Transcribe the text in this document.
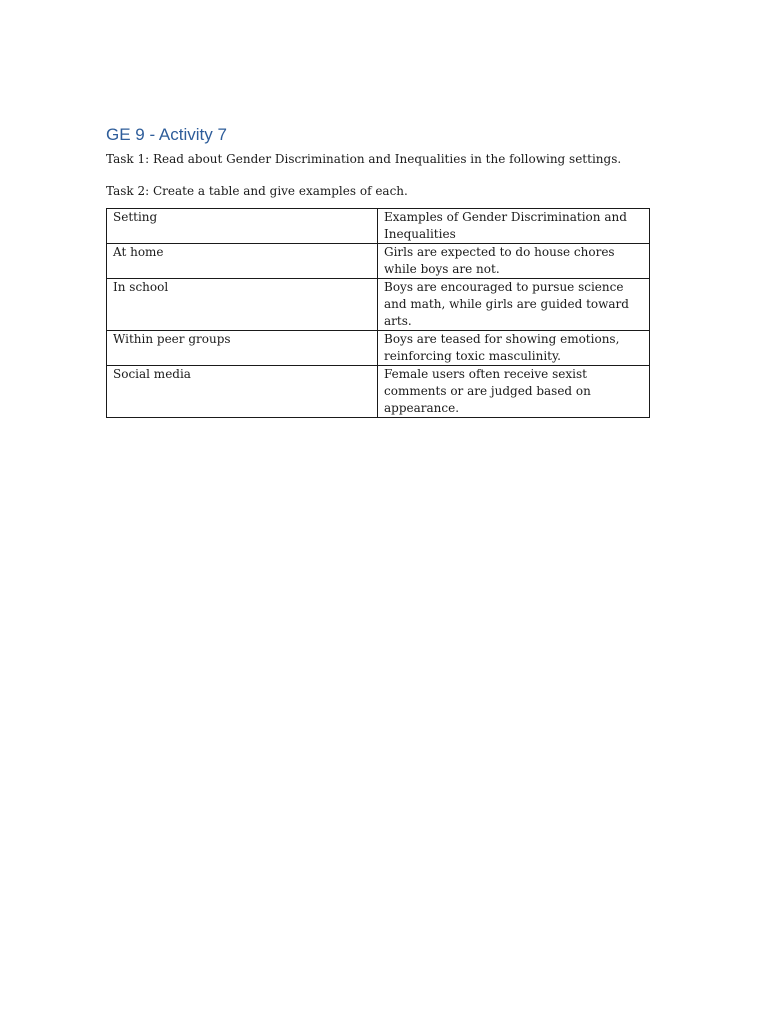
GE 9 - Activity 7

Task 1: Read about Gender Discrimination and Inequalities in the following settings.

Task 2: Create a table and give examples of each.

Setting	Examples of Gender Discrimination and Inequalities
At home	Girls are expected to do house chores while boys are not.
In school	Boys are encouraged to pursue science and math, while girls are guided toward arts.
Within peer groups	Boys are teased for showing emotions, reinforcing toxic masculinity.
Social media	Female users often receive sexist comments or are judged based on appearance.
